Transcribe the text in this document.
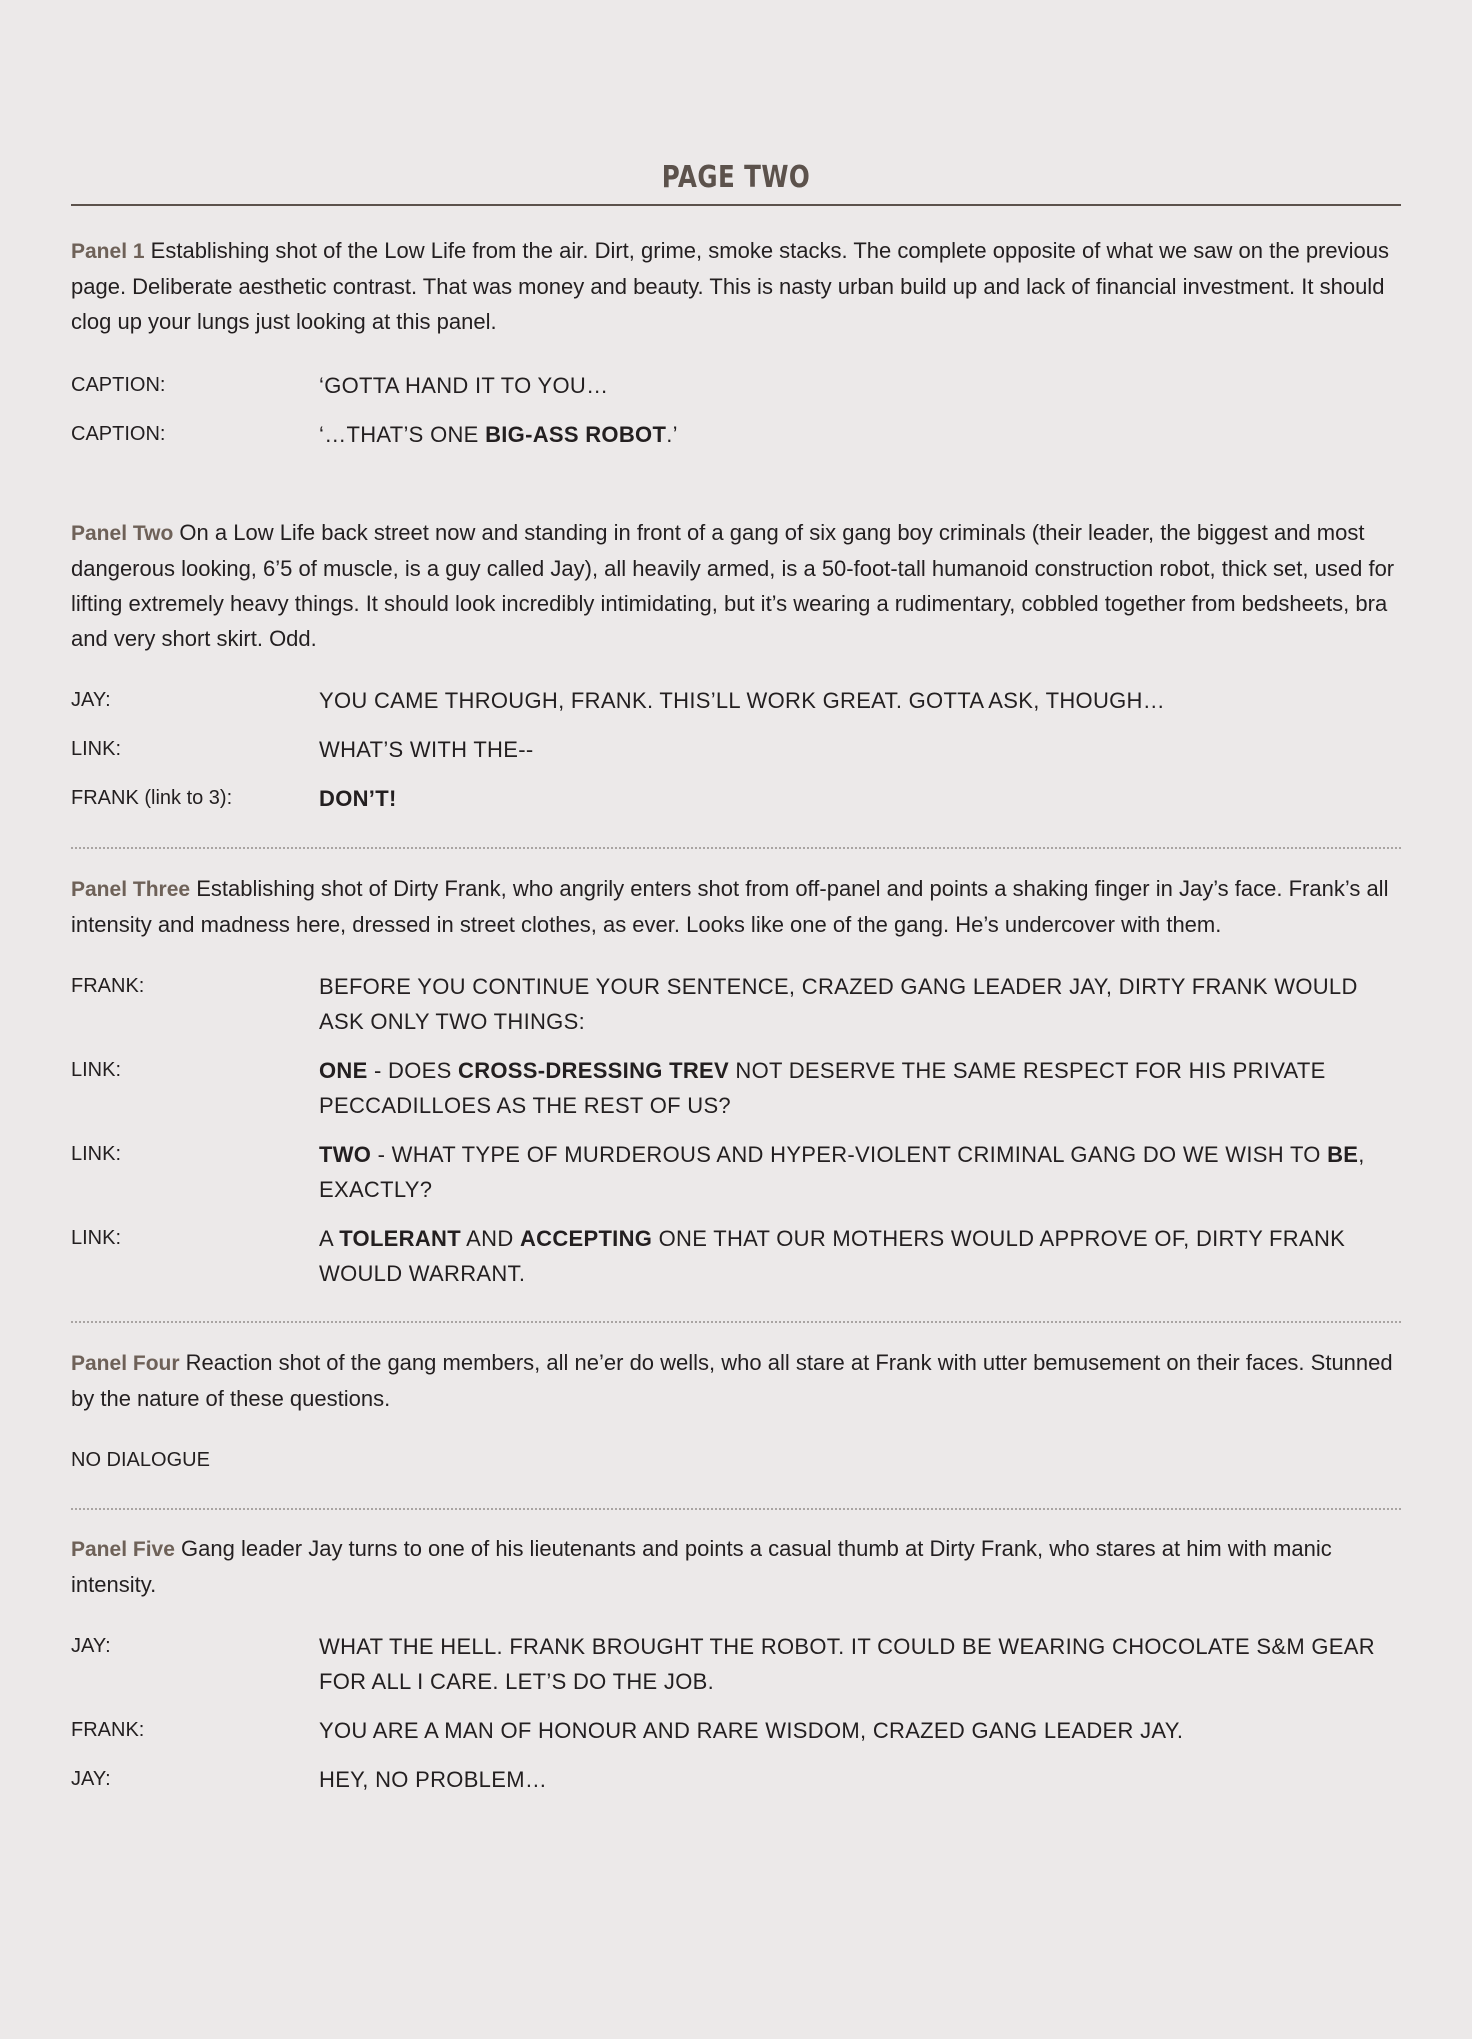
PAGE TWO

Panel 1 Establishing shot of the Low Life from the air. Dirt, grime, smoke stacks. The complete opposite of what we saw on the previous page. Deliberate aesthetic contrast. That was money and beauty. This is nasty urban build up and lack of financial investment. It should clog up your lungs just looking at this panel.

CAPTION:	‘GOTTA HAND IT TO YOU…
CAPTION:	‘…THAT’S ONE BIG-ASS ROBOT.’

Panel Two On a Low Life back street now and standing in front of a gang of six gang boy criminals (their leader, the biggest and most dangerous looking, 6’5 of muscle, is a guy called Jay), all heavily armed, is a 50-foot-tall humanoid construction robot, thick set, used for lifting extremely heavy things. It should look incredibly intimidating, but it’s wearing a rudimentary, cobbled together from bedsheets, bra and very short skirt. Odd.

JAY:	YOU CAME THROUGH, FRANK. THIS’LL WORK GREAT. GOTTA ASK, THOUGH…
LINK:	WHAT’S WITH THE--
FRANK (link to 3):	DON’T!

Panel Three Establishing shot of Dirty Frank, who angrily enters shot from off-panel and points a shaking finger in Jay’s face. Frank’s all intensity and madness here, dressed in street clothes, as ever. Looks like one of the gang. He’s undercover with them.

FRANK:	BEFORE YOU CONTINUE YOUR SENTENCE, CRAZED GANG LEADER JAY, DIRTY FRANK WOULD ASK ONLY TWO THINGS:
LINK:	ONE - DOES CROSS-DRESSING TREV NOT DESERVE THE SAME RESPECT FOR HIS PRIVATE PECCADILLOES AS THE REST OF US?
LINK:	TWO - WHAT TYPE OF MURDEROUS AND HYPER-VIOLENT CRIMINAL GANG DO WE WISH TO BE, EXACTLY?
LINK:	A TOLERANT AND ACCEPTING ONE THAT OUR MOTHERS WOULD APPROVE OF, DIRTY FRANK WOULD WARRANT.

Panel Four Reaction shot of the gang members, all ne’er do wells, who all stare at Frank with utter bemusement on their faces. Stunned by the nature of these questions.

NO DIALOGUE

Panel Five Gang leader Jay turns to one of his lieutenants and points a casual thumb at Dirty Frank, who stares at him with manic intensity.

JAY:	WHAT THE HELL. FRANK BROUGHT THE ROBOT. IT COULD BE WEARING CHOCOLATE S&M GEAR FOR ALL I CARE. LET’S DO THE JOB.
FRANK:	YOU ARE A MAN OF HONOUR AND RARE WISDOM, CRAZED GANG LEADER JAY.
JAY:	HEY, NO PROBLEM…
